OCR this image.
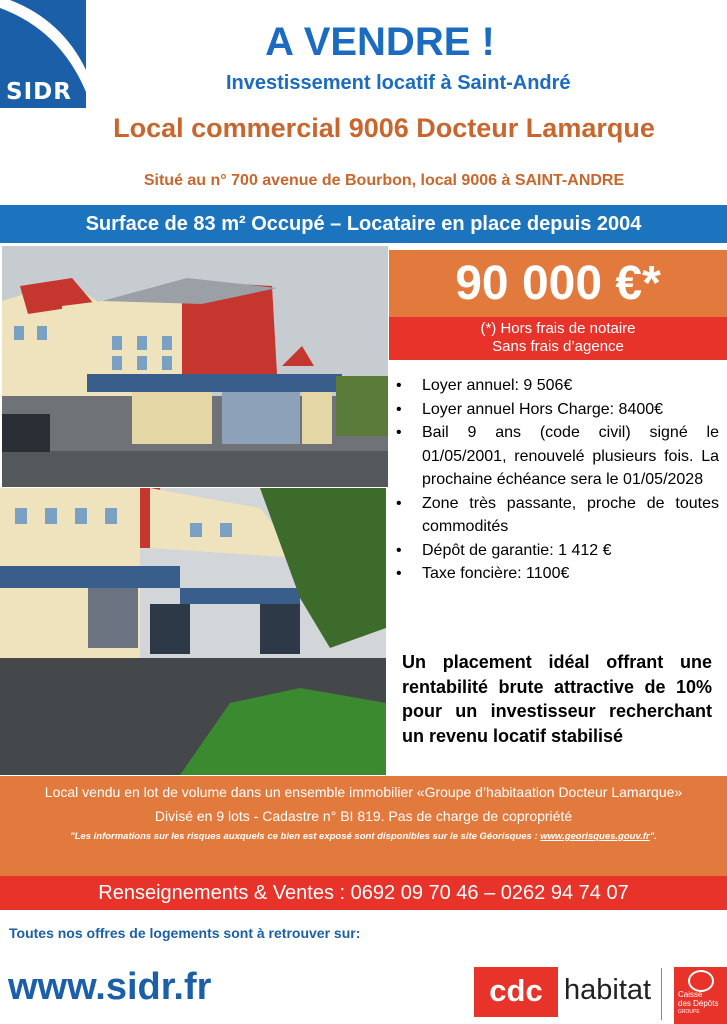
SIDR
A VENDRE !
Investissement locatif à Saint-André
Local commercial 9006 Docteur Lamarque
Situé au n° 700 avenue de Bourbon, local 9006 à SAINT-ANDRE
Surface de 83 m² Occupé – Locataire en place depuis 2004
90 000 €*
(*) Hors frais de notaire
Sans frais d’agence
• Loyer annuel: 9 506€
• Loyer annuel Hors Charge: 8400€
• Bail 9 ans (code civil) signé le 01/05/2001, renouvelé plusieurs fois. La prochaine échéance sera le 01/05/2028
• Zone très passante, proche de toutes commodités
• Dépôt de garantie: 1 412 €
• Taxe foncière: 1100€
Un placement idéal offrant une rentabilité brute attractive de 10% pour un investisseur recherchant un revenu locatif stabilisé
Local vendu en lot de volume dans un ensemble immobilier «Groupe d’habitaation Docteur Lamarque»
Divisé en 9 lots - Cadastre n° BI 819. Pas de charge de copropriété
"Les informations sur les risques auxquels ce bien est exposé sont disponibles sur le site Géorisques : www.georisques.gouv.fr".
Renseignements & Ventes : 0692 09 70 46 – 0262 94 74 07
Toutes nos offres de logements sont à retrouver sur:
www.sidr.fr	cdc habitat	Caisse
des Dépôts
GROUPE
